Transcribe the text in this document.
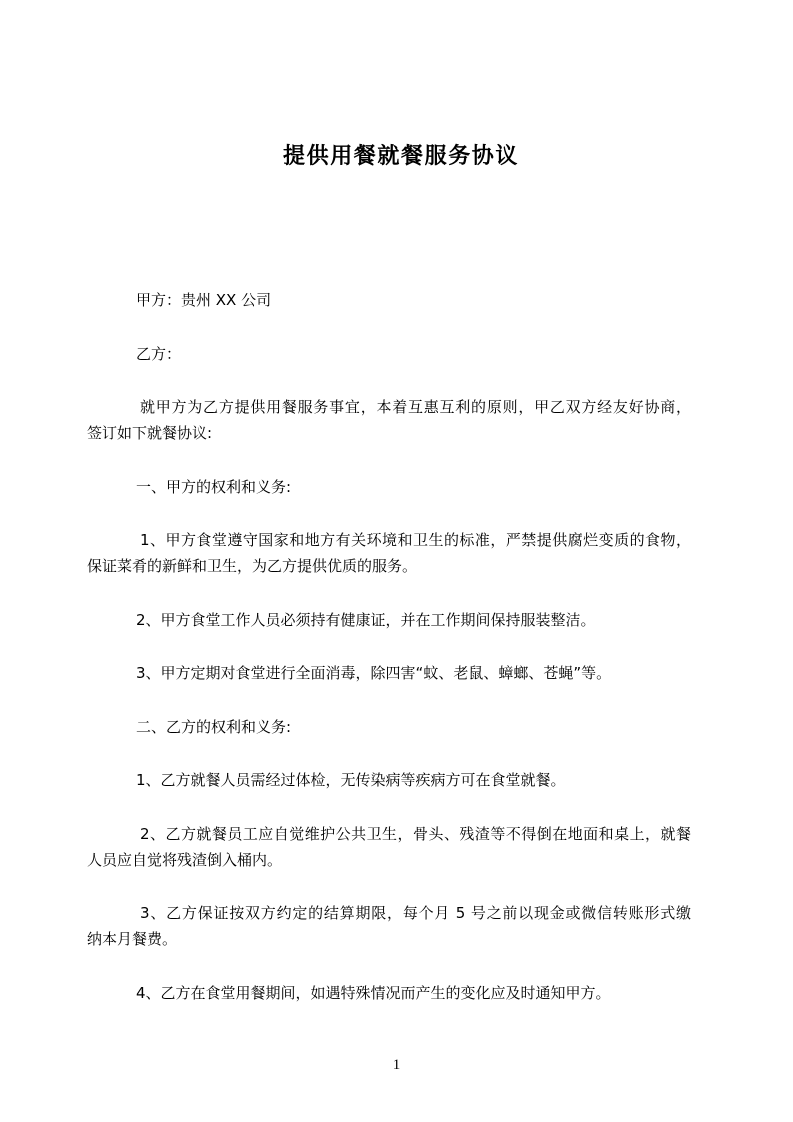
提供用餐就餐服务协议

甲方：贵州 XX 公司

乙方：

就甲方为乙方提供用餐服务事宜，本着互惠互利的原则，甲乙双方经友好协商，
签订如下就餐协议:

一、甲方的权利和义务:

1、甲方食堂遵守国家和地方有关环境和卫生的标准，严禁提供腐烂变质的食物，
保证菜肴的新鲜和卫生，为乙方提供优质的服务。

2、甲方食堂工作人员必须持有健康证，并在工作期间保持服装整洁。

3、甲方定期对食堂进行全面消毒，除四害“蚊、老鼠、蟑螂、苍蝇”等。

二、乙方的权利和义务:

1、乙方就餐人员需经过体检，无传染病等疾病方可在食堂就餐。

2、乙方就餐员工应自觉维护公共卫生，骨头、残渣等不得倒在地面和桌上，就餐
人员应自觉将残渣倒入桶内。

3、乙方保证按双方约定的结算期限，每个月 5 号之前以现金或微信转账形式缴
纳本月餐费。

4、乙方在食堂用餐期间，如遇特殊情况而产生的变化应及时通知甲方。

1
